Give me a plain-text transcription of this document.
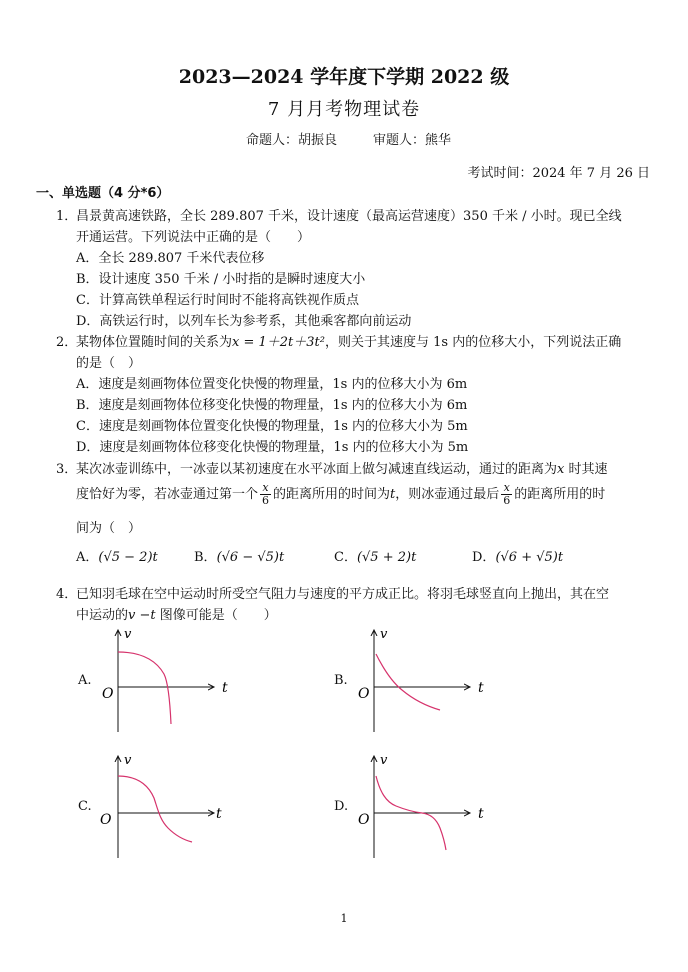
2023—2024 学年度下学期 2022 级
7 月月考物理试卷
命题人：胡振良	审题人：熊华
考试时间：2024 年 7 月 26 日
一、单选题（4 分*6）
1．
昌景黄高速铁路，全长 289.807 千米，设计速度（最高运营速度）350 千米 / 小时。现已全线
开通运营。下列说法中正确的是（　　）
A．全长 289.807 千米代表位移
B．设计速度 350 千米 / 小时指的是瞬时速度大小
C．计算高铁单程运行时间时不能将高铁视作质点
D．高铁运行时，以列车长为参考系，其他乘客都向前运动
2．
某物体位置随时间的关系为x = 1＋2t＋3t²，则关于其速度与 1s 内的位移大小，下列说法正确
的是（　）
A．速度是刻画物体位置变化快慢的物理量，1s 内的位移大小为 6m
B．速度是刻画物体位移变化快慢的物理量，1s 内的位移大小为 6m
C．速度是刻画物体位置变化快慢的物理量，1s 内的位移大小为 5m
D．速度是刻画物体位移变化快慢的物理量，1s 内的位移大小为 5m
3．
某次冰壶训练中，一冰壶以某初速度在水平冰面上做匀减速直线运动，通过的距离为x 时其速
度恰好为零，若冰壶通过第一个 $\frac{x}{6}$ 的距离所用的时间为t，则冰壶通过最后 $\frac{x}{6}$ 的距离所用的时
间为（　）
A．(√5 − 2)t	B．(√6 − √5)t	C．(√5 + 2)t	D．(√6 + √5)t
4．
已知羽毛球在空中运动时所受空气阻力与速度的平方成正比。将羽毛球竖直向上抛出，其在空
中运动的v −t 图像可能是（　　）
A.
v
t
O
B.
v
t
O
C.
v
t
O
D.
v
t
O
1
